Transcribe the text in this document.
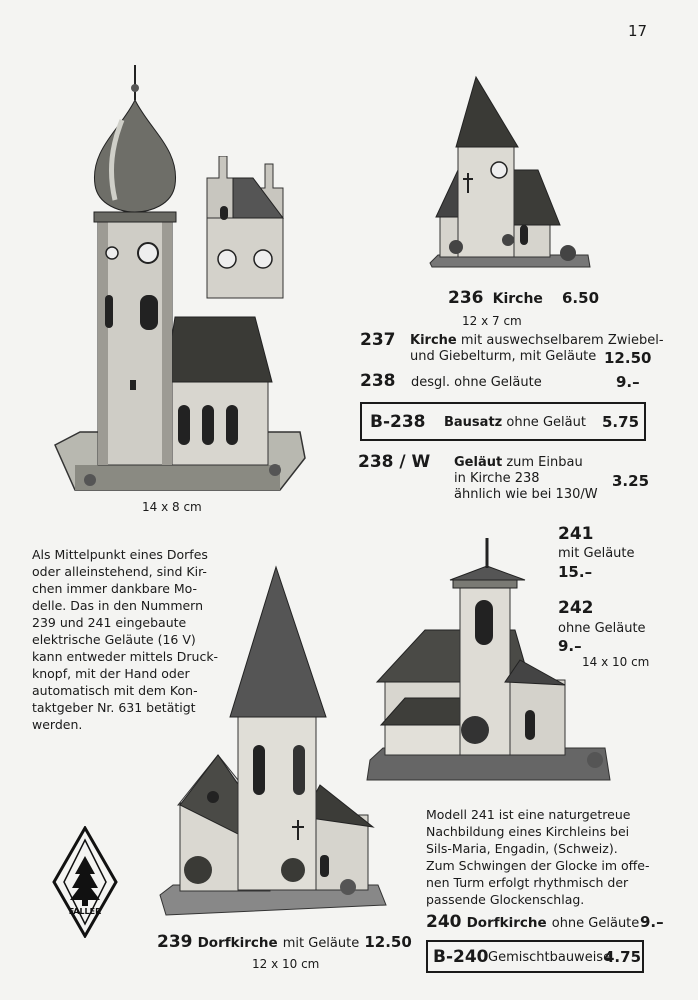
17
FALLER
236 Kirche 6.50
12 x 7 cm
237 Kirche mit auswechselbarem Zwiebel-
und Giebelturm, mit Geläute 12.50
238 desgl. ohne Geläute	9.–
B-238 Bausatz ohne Geläut 5.75
238 / W Geläut zum Einbau
in Kirche 238
ähnlich wie bei 130/W
3.25
14 x 8 cm
Als Mittelpunkt eines Dorfes
oder alleinstehend, sind Kir-
chen immer dankbare Mo-
delle. Das in den Nummern
239 und 241 eingebaute
elektrische Geläute (16 V)
kann entweder mittels Druck-
knopf, mit der Hand oder
automatisch mit dem Kon-
taktgeber Nr. 631 betätigt
werden.
241
mit Geläute
15.–
242
ohne Geläute
9.–
14 x 10 cm
Modell 241 ist eine naturgetreue
Nachbildung eines Kirchleins bei
Sils-Maria, Engadin, (Schweiz).
Zum Schwingen der Glocke im offe-
nen Turm erfolgt rhythmisch der
passende Glockenschlag.
240 Dorfkirche ohne Geläute 9.–
B-240 Gemischtbauweise
4.75
239 Dorfkirche mit Geläute 12.50
12 x 10 cm
